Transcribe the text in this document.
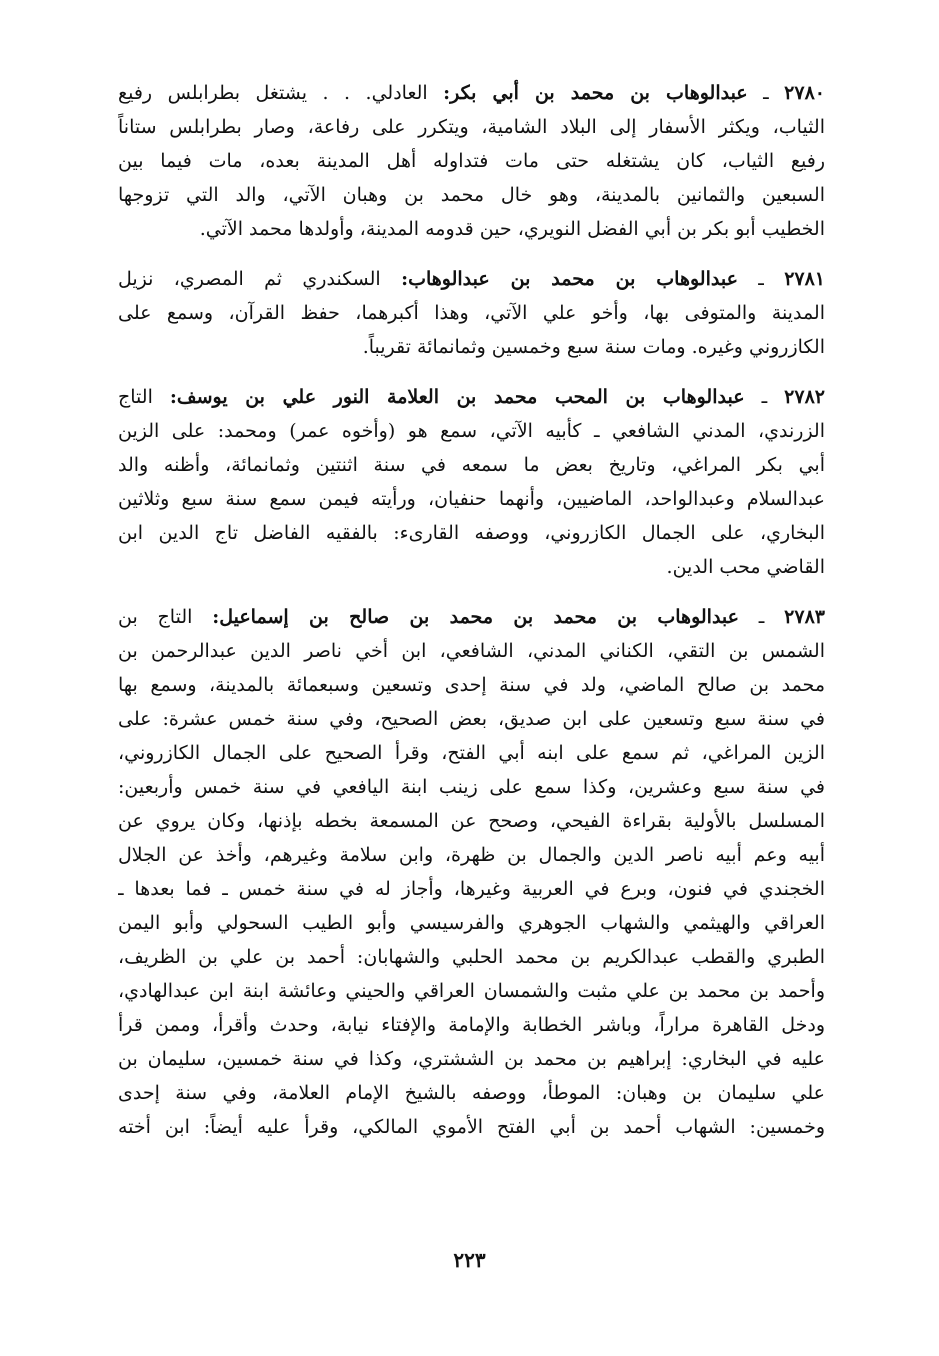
٢٧٨٠ ـ عبدالوهاب بن محمد بن أبي بكر: العادلي. . . يشتغل بطرابلس رفيع
الثياب، ويكثر الأسفار إلى البلاد الشامية، ويتكرر على رفاعة، وصار بطرابلس ستاناً
رفيع الثياب، كان يشتغله حتى مات فتداوله أهل المدينة بعده، مات فيما بين
السبعين والثمانين بالمدينة، وهو خال محمد بن وهبان الآتي، والد التي تزوجها
الخطيب أبو بكر بن أبي الفضل النويري، حين قدومه المدينة، وأولدها محمد الآتي.
٢٧٨١ ـ عبدالوهاب بن محمد بن عبدالوهاب: السكندري ثم المصري، نزيل
المدينة والمتوفى بها، وأخو علي الآتي، وهذا أكبرهما، حفظ القرآن، وسمع على
الكازروني وغيره. ومات سنة سبع وخمسين وثمانمائة تقريباً.
٢٧٨٢ ـ عبدالوهاب بن المحب محمد بن العلامة النور علي بن يوسف: التاج
الزرندي، المدني الشافعي ـ كأبيه الآتي، سمع هو (وأخوه عمر) ومحمد: على الزين
أبي بكر المراغي، وتاريخ بعض ما سمعه في سنة اثنتين وثمانمائة، وأظنه والد
عبدالسلام وعبدالواحد، الماضيين، وأنهما حنفيان، ورأيته فيمن سمع سنة سبع وثلاثين
البخاري، على الجمال الكازروني، ووصفه القارىء: بالفقيه الفاضل تاج الدين ابن
القاضي محب الدين.
٢٧٨٣ ـ عبدالوهاب بن محمد بن محمد بن صالح بن إسماعيل: التاج بن
الشمس بن التقي، الكناني المدني، الشافعي، ابن أخي ناصر الدين عبدالرحمن بن
محمد بن صالح الماضي، ولد في سنة إحدى وتسعين وسبعمائة بالمدينة، وسمع بها
في سنة سبع وتسعين على ابن صديق، بعض الصحيح، وفي سنة خمس عشرة: على
الزين المراغي، ثم سمع على ابنه أبي الفتح، وقرأ الصحيح على الجمال الكازروني،
في سنة سبع وعشرين، وكذا سمع على زينب ابنة اليافعي في سنة خمس وأربعين:
المسلسل بالأولية بقراءة الفيحي، وصحح عن المسمعة بخطه بإذنها، وكان يروي عن
أبيه وعم أبيه ناصر الدين والجمال بن ظهرة، وابن سلامة وغيرهم، وأخذ عن الجلال
الخجندي في فنون، وبرع في العربية وغيرها، وأجاز له في سنة خمس ـ فما بعدها ـ
العراقي والهيثمي والشهاب الجوهري والفرسيسي وأبو الطيب السحولي وأبو اليمن
الطبري والقطب عبدالكريم بن محمد الحلبي والشهابان: أحمد بن علي بن الظريف،
وأحمد بن محمد بن علي مثبت والشمسان العراقي والحيني وعائشة ابنة ابن عبدالهادي،
ودخل القاهرة مراراً، وباشر الخطابة والإمامة والإفتاء نيابة، وحدث وأقرأ، وممن قرأ
عليه في البخاري: إبراهيم بن محمد بن الششتري، وكذا في سنة خمسين، سليمان بن
علي سليمان بن وهبان: الموطأ، ووصفه بالشيخ الإمام العلامة، وفي سنة إحدى
وخمسين: الشهاب أحمد بن أبي الفتح الأموي المالكي، وقرأ عليه أيضاً: ابن أخته
٢٢٣
